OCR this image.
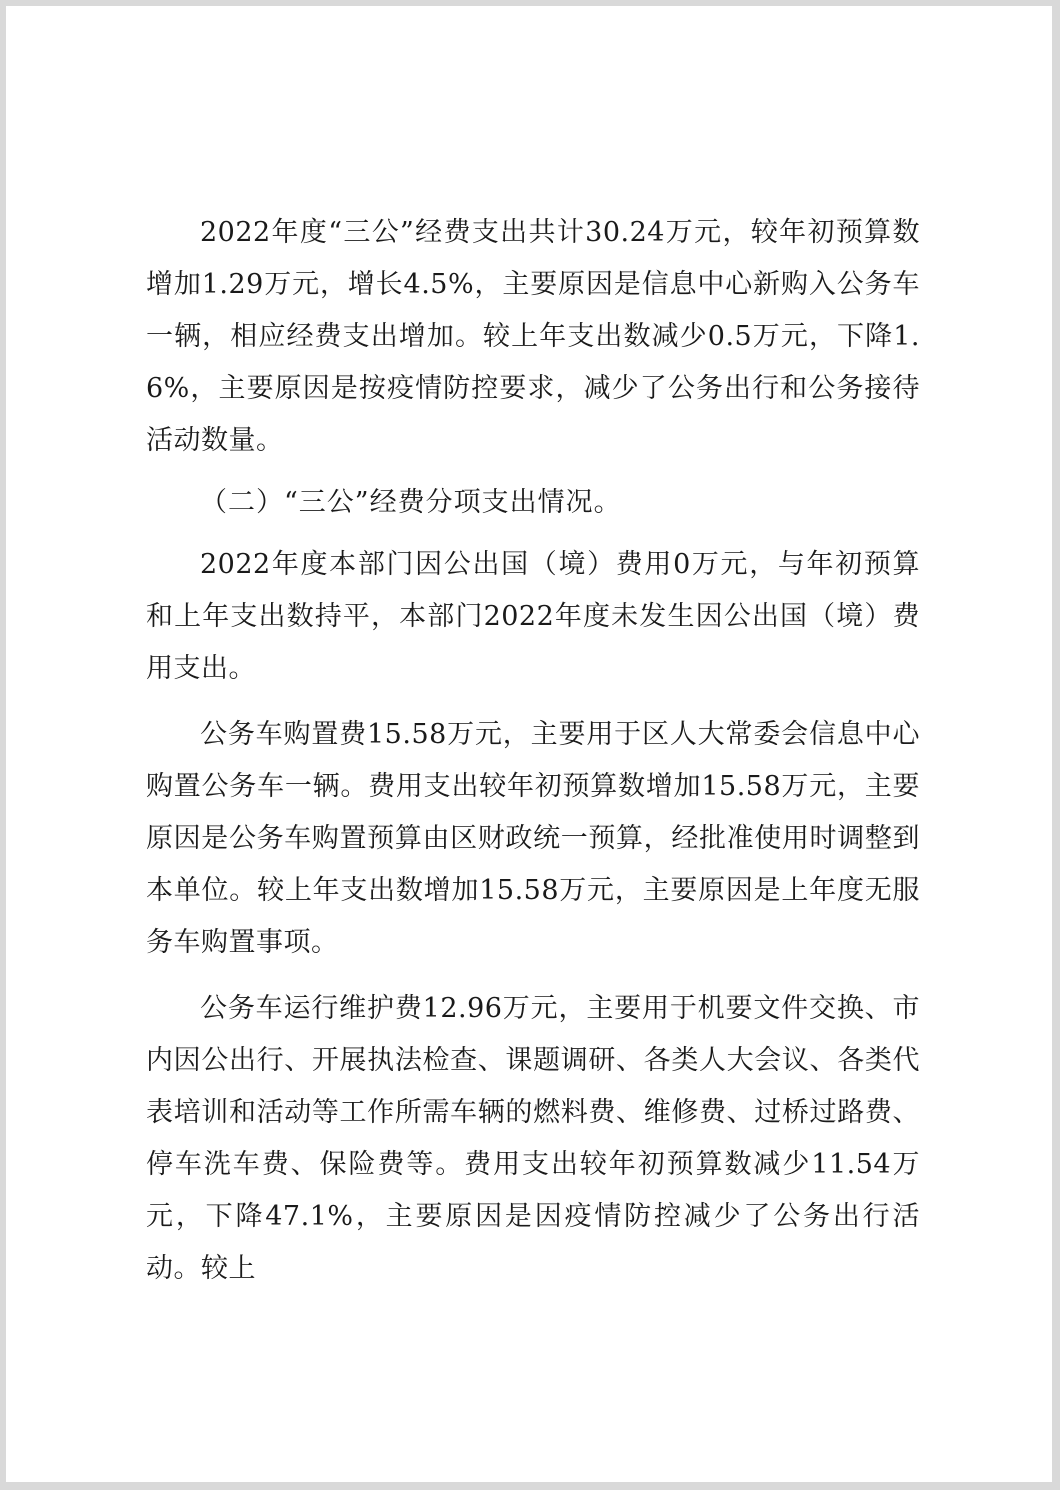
2022年度“三公”经费支出共计30.24万元，较年初预算数增加1.29万元，增长4.5%，主要原因是信息中心新购入公务车一辆，相应经费支出增加。较上年支出数减少0.5万元，下降1.6%，主要原因是按疫情防控要求，减少了公务出行和公务接待活动数量。

（二）“三公”经费分项支出情况。

2022年度本部门因公出国（境）费用0万元，与年初预算和上年支出数持平，本部门2022年度未发生因公出国（境）费用支出。

公务车购置费15.58万元，主要用于区人大常委会信息中心购置公务车一辆。费用支出较年初预算数增加15.58万元，主要原因是公务车购置预算由区财政统一预算，经批准使用时调整到本单位。较上年支出数增加15.58万元，主要原因是上年度无服务车购置事项。

公务车运行维护费12.96万元，主要用于机要文件交换、市内因公出行、开展执法检查、课题调研、各类人大会议、各类代表培训和活动等工作所需车辆的燃料费、维修费、过桥过路费、停车洗车费、保险费等。费用支出较年初预算数减少11.54万元，下降47.1%，主要原因是因疫情防控减少了公务出行活动。较上
